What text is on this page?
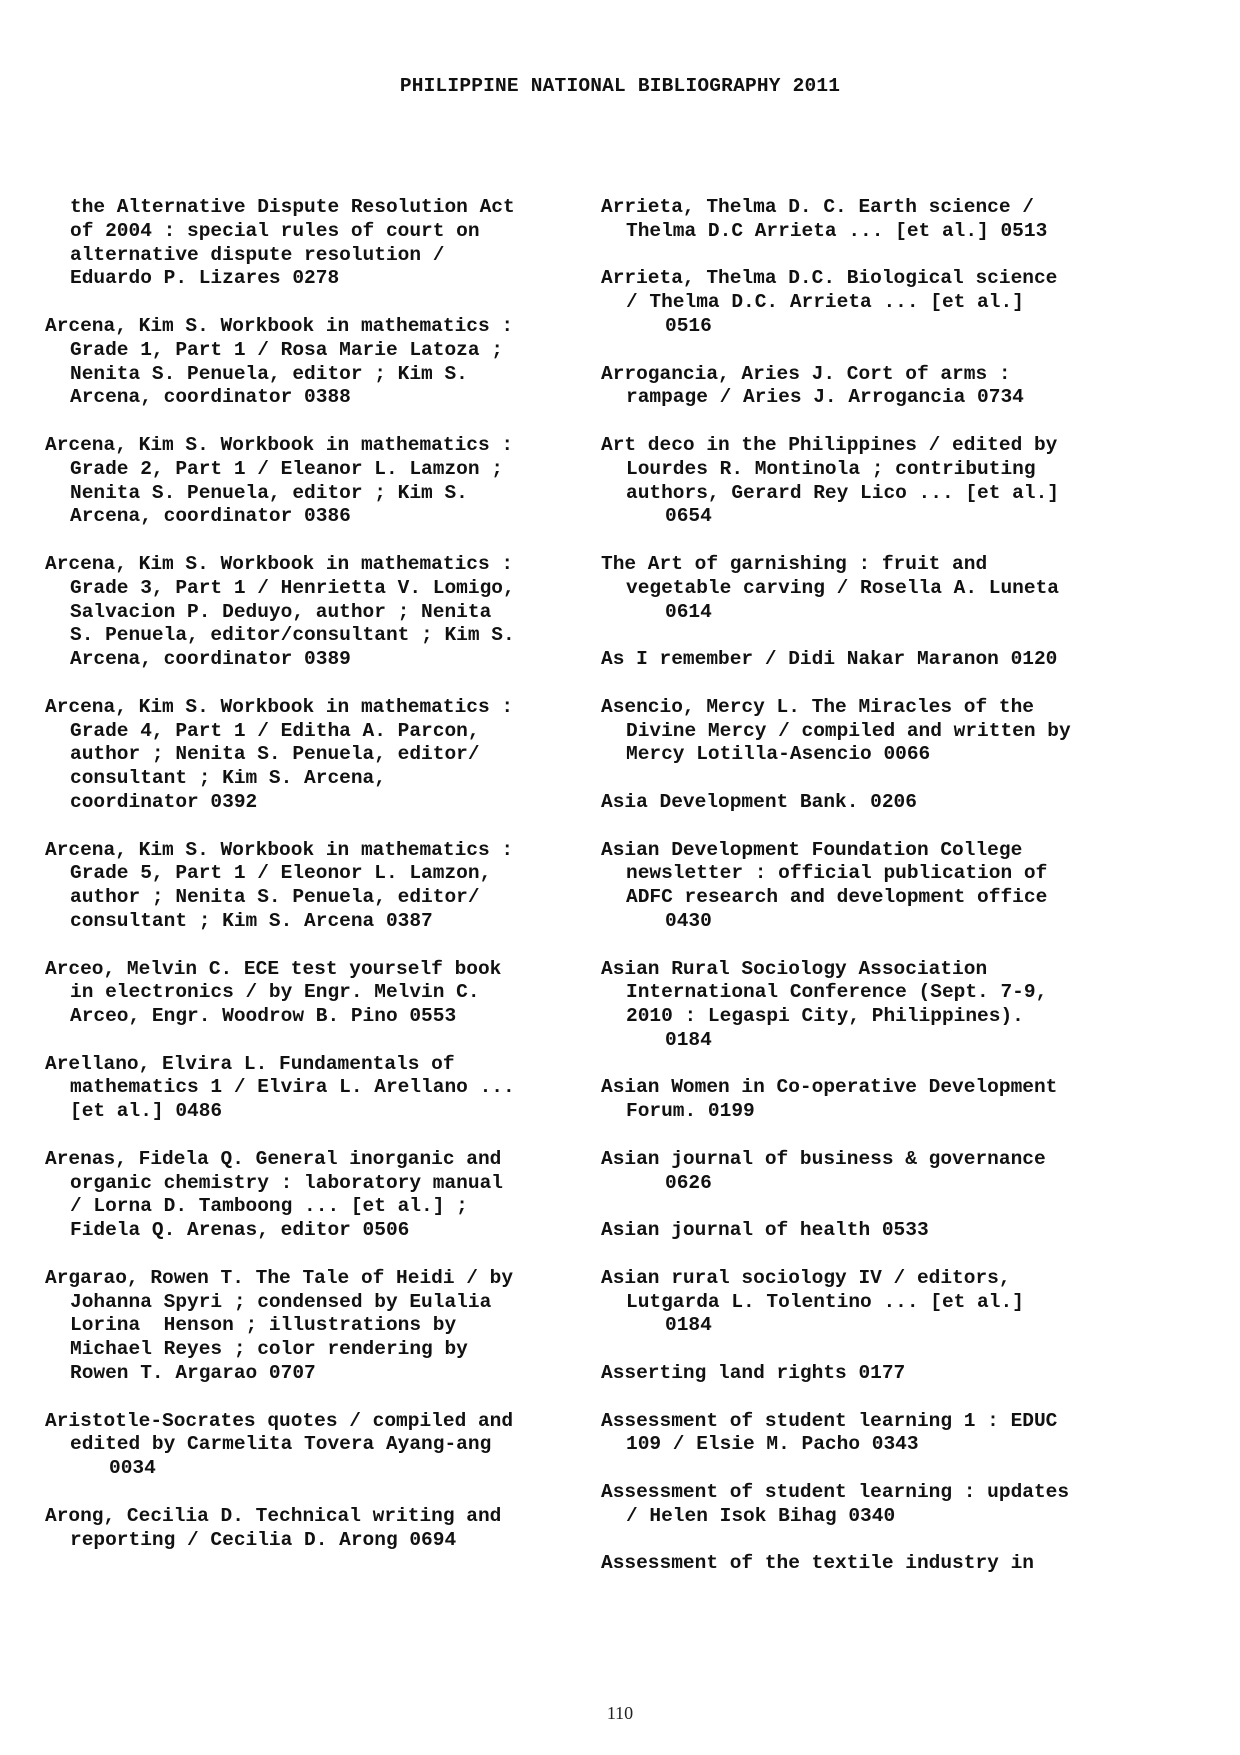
PHILIPPINE NATIONAL BIBLIOGRAPHY 2011
the Alternative Dispute Resolution Act
of 2004 : special rules of court on
alternative dispute resolution /
Eduardo P. Lizares 0278
Arcena, Kim S. Workbook in mathematics :
Grade 1, Part 1 / Rosa Marie Latoza ;
Nenita S. Penuela, editor ; Kim S.
Arcena, coordinator 0388
Arcena, Kim S. Workbook in mathematics :
Grade 2, Part 1 / Eleanor L. Lamzon ;
Nenita S. Penuela, editor ; Kim S.
Arcena, coordinator 0386
Arcena, Kim S. Workbook in mathematics :
Grade 3, Part 1 / Henrietta V. Lomigo,
Salvacion P. Deduyo, author ; Nenita
S. Penuela, editor/consultant ; Kim S.
Arcena, coordinator 0389
Arcena, Kim S. Workbook in mathematics :
Grade 4, Part 1 / Editha A. Parcon,
author ; Nenita S. Penuela, editor/
consultant ; Kim S. Arcena,
coordinator 0392
Arcena, Kim S. Workbook in mathematics :
Grade 5, Part 1 / Eleonor L. Lamzon,
author ; Nenita S. Penuela, editor/
consultant ; Kim S. Arcena 0387
Arceo, Melvin C. ECE test yourself book
in electronics / by Engr. Melvin C.
Arceo, Engr. Woodrow B. Pino 0553
Arellano, Elvira L. Fundamentals of
mathematics 1 / Elvira L. Arellano ...
[et al.] 0486
Arenas, Fidela Q. General inorganic and
organic chemistry : laboratory manual
/ Lorna D. Tamboong ... [et al.] ;
Fidela Q. Arenas, editor 0506
Argarao, Rowen T. The Tale of Heidi / by
Johanna Spyri ; condensed by Eulalia
Lorina  Henson ; illustrations by
Michael Reyes ; color rendering by
Rowen T. Argarao 0707
Aristotle-Socrates quotes / compiled and
edited by Carmelita Tovera Ayang-ang
0034
Arong, Cecilia D. Technical writing and
reporting / Cecilia D. Arong 0694
Arrieta, Thelma D. C. Earth science /
Thelma D.C Arrieta ... [et al.] 0513
Arrieta, Thelma D.C. Biological science
/ Thelma D.C. Arrieta ... [et al.]
0516
Arrogancia, Aries J. Cort of arms :
rampage / Aries J. Arrogancia 0734
Art deco in the Philippines / edited by
Lourdes R. Montinola ; contributing
authors, Gerard Rey Lico ... [et al.]
0654
The Art of garnishing : fruit and
vegetable carving / Rosella A. Luneta
0614
As I remember / Didi Nakar Maranon 0120
Asencio, Mercy L. The Miracles of the
Divine Mercy / compiled and written by
Mercy Lotilla-Asencio 0066
Asia Development Bank. 0206
Asian Development Foundation College
newsletter : official publication of
ADFC research and development office
0430
Asian Rural Sociology Association
International Conference (Sept. 7-9,
2010 : Legaspi City, Philippines).
0184
Asian Women in Co-operative Development
Forum. 0199
Asian journal of business & governance
0626
Asian journal of health 0533
Asian rural sociology IV / editors,
Lutgarda L. Tolentino ... [et al.]
0184
Asserting land rights 0177
Assessment of student learning 1 : EDUC
109 / Elsie M. Pacho 0343
Assessment of student learning : updates
/ Helen Isok Bihag 0340
Assessment of the textile industry in
110
